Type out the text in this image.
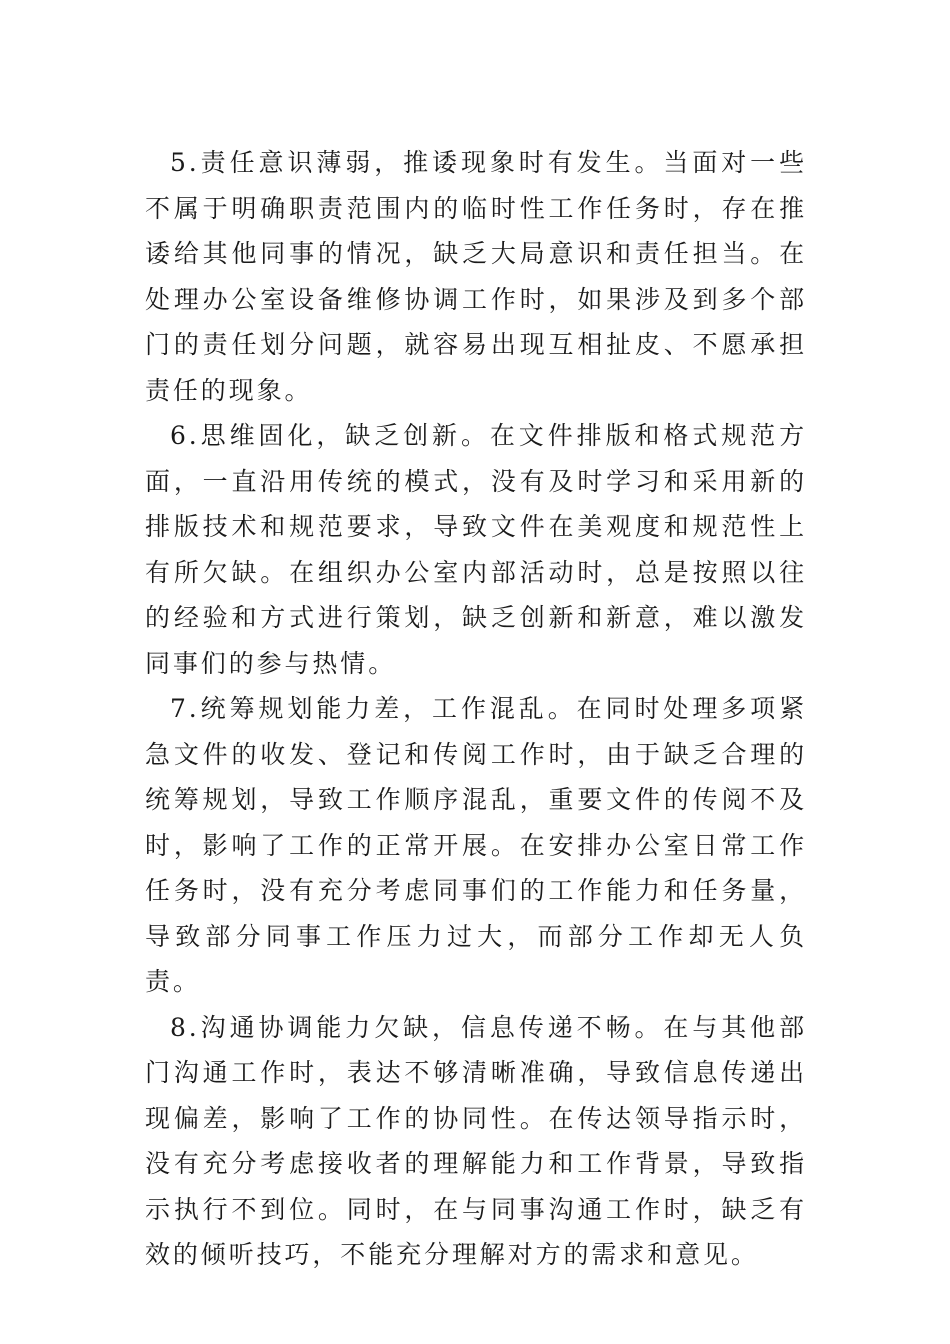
5.责任意识薄弱，推诿现象时有发生。当面对一些不属于明确职责范围内的临时性工作任务时，存在推诿给其他同事的情况，缺乏大局意识和责任担当。在处理办公室设备维修协调工作时，如果涉及到多个部门的责任划分问题，就容易出现互相扯皮、不愿承担责任的现象。

6.思维固化，缺乏创新。在文件排版和格式规范方面，一直沿用传统的模式，没有及时学习和采用新的排版技术和规范要求，导致文件在美观度和规范性上有所欠缺。在组织办公室内部活动时，总是按照以往的经验和方式进行策划，缺乏创新和新意，难以激发同事们的参与热情。

7.统筹规划能力差，工作混乱。在同时处理多项紧急文件的收发、登记和传阅工作时，由于缺乏合理的统筹规划，导致工作顺序混乱，重要文件的传阅不及时，影响了工作的正常开展。在安排办公室日常工作任务时，没有充分考虑同事们的工作能力和任务量，导致部分同事工作压力过大，而部分工作却无人负责。

8.沟通协调能力欠缺，信息传递不畅。在与其他部门沟通工作时，表达不够清晰准确，导致信息传递出现偏差，影响了工作的协同性。在传达领导指示时，没有充分考虑接收者的理解能力和工作背景，导致指示执行不到位。同时，在与同事沟通工作时，缺乏有效的倾听技巧，不能充分理解对方的需求和意见。
